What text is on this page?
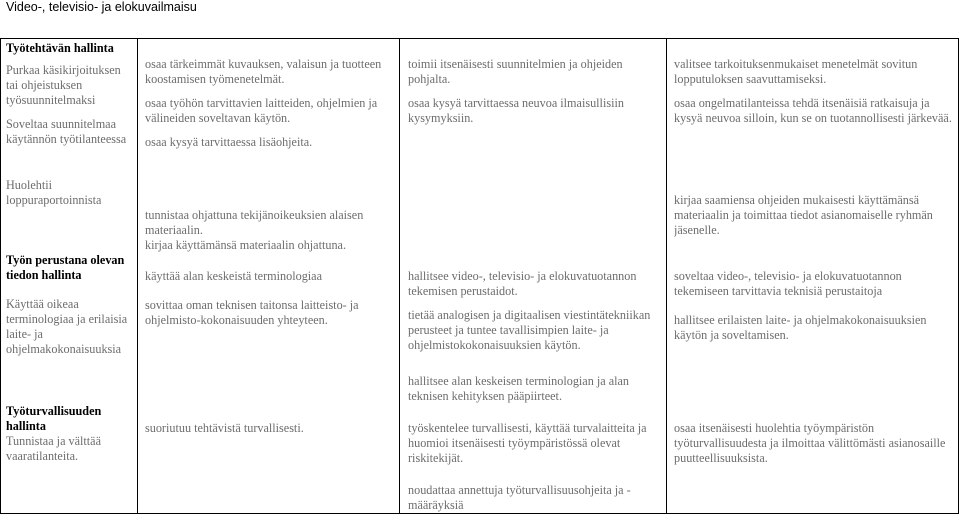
Video-, televisio- ja elokuvailmaisu
Työtehtävän hallinta
Purkaa käsikirjoituksen tai ohjeistuksen työsuunnitelmaksi
Soveltaa suunnitelmaa käytännön työtilanteessa
osaa tärkeimmät kuvauksen, valaisun ja tuotteen koostamisen työmenetelmät.
osaa työhön tarvittavien laitteiden, ohjelmien ja välineiden soveltavan käytön.
osaa kysyä tarvittaessa lisäohjeita.
toimii itsenäisesti suunnitelmien ja ohjeiden pohjalta.
osaa kysyä tarvittaessa neuvoa ilmaisullisiin kysymyksiin.
valitsee tarkoituksenmukaiset menetelmät sovitun lopputuloksen saavuttamiseksi.
osaa ongelmatilanteissa tehdä itsenäisiä ratkaisuja ja kysyä neuvoa silloin, kun se on tuotannollisesti järkevää.
Huolehtii loppuraportoinnista

tunnistaa ohjattuna tekijänoikeuksien alaisen materiaalin.
kirjaa käyttämänsä materiaalin ohjattuna.

kirjaa saamiensa ohjeiden mukaisesti käyttämänsä materiaalin ja toimittaa tiedot asianomaiselle ryhmän jäsenelle.
Työn perustana olevan tiedon hallinta
Käyttää oikeaa terminologiaa ja erilaisia laite- ja ohjelmakokonaisuuksia
käyttää alan keskeistä terminologiaa
sovittaa oman teknisen taitonsa laitteisto- ja ohjelmisto-kokonaisuuden yhteyteen.
hallitsee video-, televisio- ja elokuvatuotannon tekemisen perustaidot.
tietää analogisen ja digitaalisen viestintätekniikan perusteet ja tuntee tavallisimpien laite- ja ohjelmistokokonaisuuksien käytön.
hallitsee alan keskeisen terminologian ja alan teknisen kehityksen pääpiirteet.
soveltaa video-, televisio- ja elokuvatuotannon tekemiseen tarvittavia teknisiä perustaitoja
hallitsee erilaisten laite- ja ohjelmakokonaisuuksien käytön ja soveltamisen.
Työturvallisuuden hallinta
Tunnistaa ja välttää vaaratilanteita.
suoriutuu tehtävistä turvallisesti.	työskentelee turvallisesti, käyttää turvalaitteita ja huomioi itsenäisesti työympäristössä olevat riskitekijät.
noudattaa annettuja työturvallisuusohjeita ja - määräyksiä
osaa itsenäisesti huolehtia työympäristön työturvallisuudesta ja ilmoittaa välittömästi asianosaille puutteellisuuksista.
